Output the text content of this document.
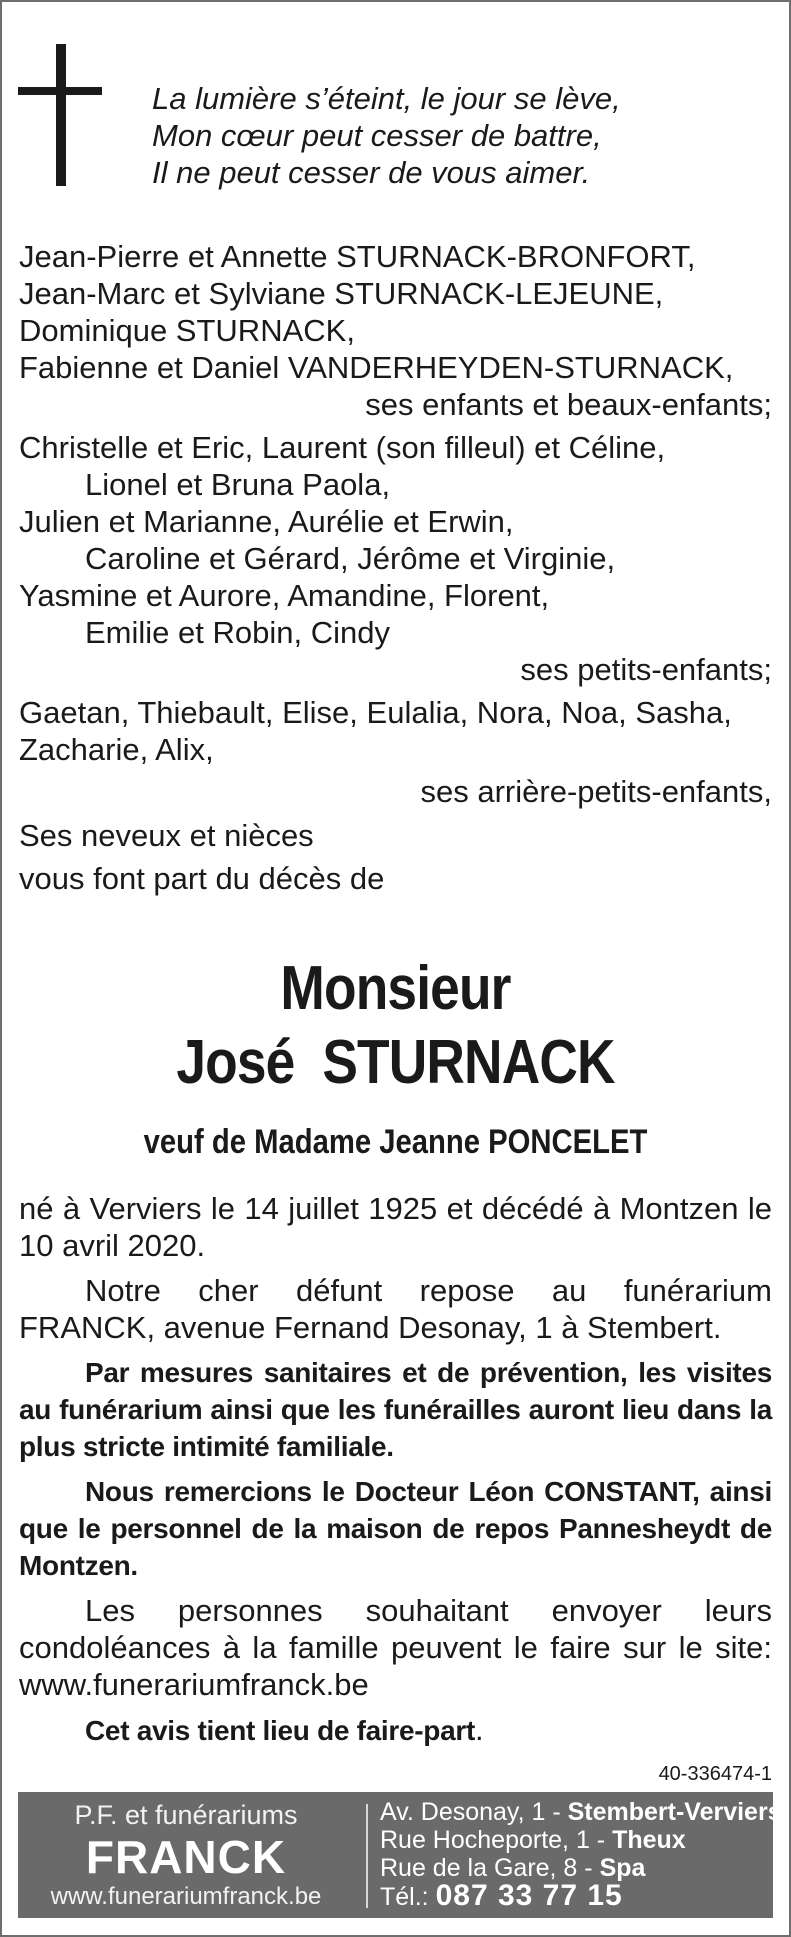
La lumière s’éteint, le jour se lève,
Mon cœur peut cesser de battre,
Il ne peut cesser de vous aimer.
Jean-Pierre et Annette STURNACK-BRONFORT,
Jean-Marc et Sylviane STURNACK-LEJEUNE,
Dominique STURNACK,
Fabienne et Daniel VANDERHEYDEN-STURNACK,
ses enfants et beaux-enfants;
Christelle et Eric, Laurent (son filleul) et Céline,
Lionel et Bruna Paola,
Julien et Marianne, Aurélie et Erwin,
Caroline et Gérard, Jérôme et Virginie,
Yasmine et Aurore, Amandine, Florent,
Emilie et Robin, Cindy
ses petits-enfants;
Gaetan, Thiebault, Elise, Eulalia, Nora, Noa, Sasha,
Zacharie, Alix,
ses arrière-petits-enfants,
Ses neveux et nièces
vous font part du décès de
Monsieur
José  STURNACK
veuf de Madame Jeanne PONCELET

né à Verviers le 14 juillet 1925 et décédé à Montzen le 10 avril 2020.

Notre cher défunt repose au funérarium FRANCK, avenue Fernand Desonay, 1 à Stembert.

Par mesures sanitaires et de prévention, les visites au funérarium ainsi que les funérailles auront lieu dans la plus stricte intimité familiale.

Nous remercions le Docteur Léon CONSTANT, ainsi que le personnel de la maison de repos Pannesheydt de Montzen.

Les personnes souhaitant envoyer leurs condoléances à la famille peuvent le faire sur le site: www.funerariumfranck.be

Cet avis tient lieu de faire-part.

40-336474-1
P.F. et funérariums
FRANCK
www.funerariumfranck.be
Av. Desonay, 1 - Stembert-Verviers
Rue Hocheporte, 1 - Theux
Rue de la Gare, 8 - Spa
Tél.: 087 33 77 15
